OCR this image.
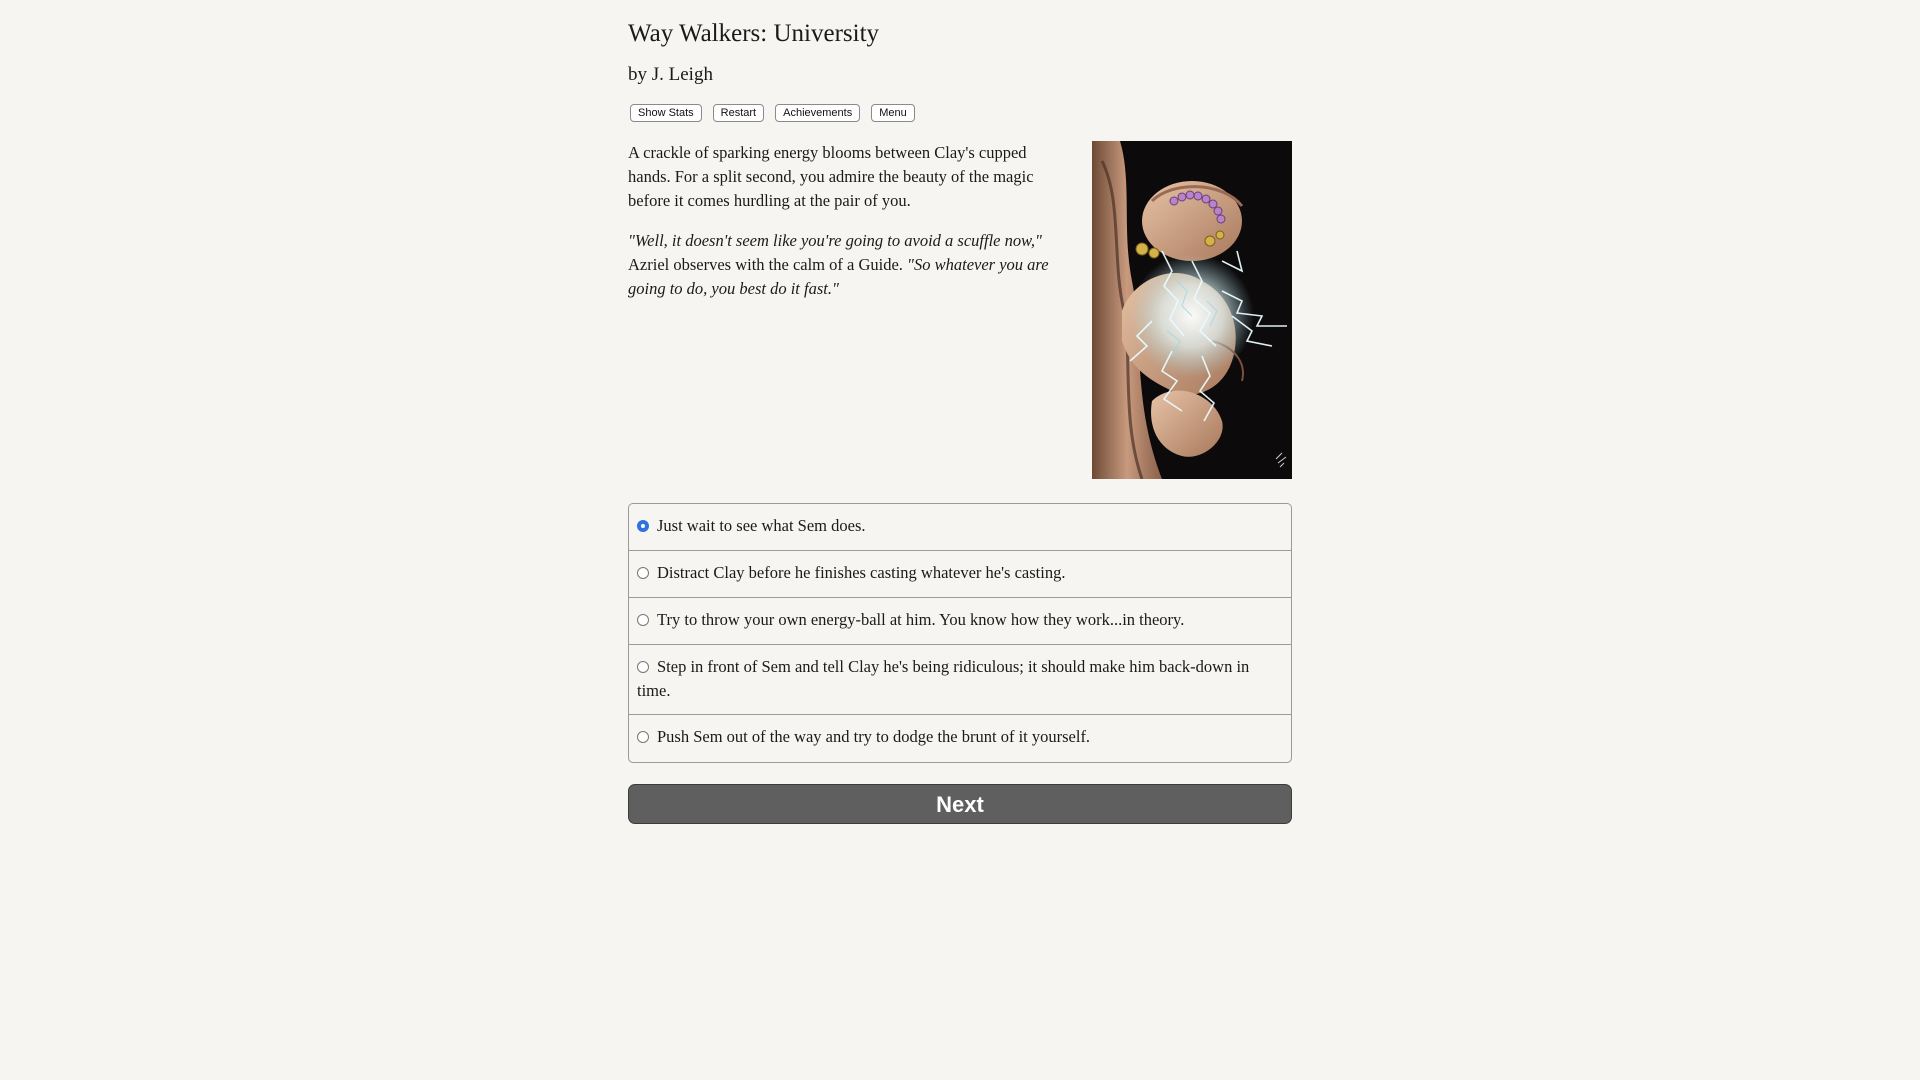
Way Walkers: University
by J. Leigh
Show Stats	Restart	Achievements	Menu

A crackle of sparking energy blooms between Clay's cupped hands. For a split second, you admire the beauty of the magic before it comes hurdling at the pair of you.

"Well, it doesn't seem like you're going to avoid a scuffle now," Azriel observes with the calm of a Guide. "So whatever you are going to do, you best do it fast."

Just wait to see what Sem does.
Distract Clay before he finishes casting whatever he's casting.
Try to throw your own energy-ball at him. You know how they work...in theory.
Step in front of Sem and tell Clay he's being ridiculous; it should make him back-down in time.
Push Sem out of the way and try to dodge the brunt of it yourself.
Next
